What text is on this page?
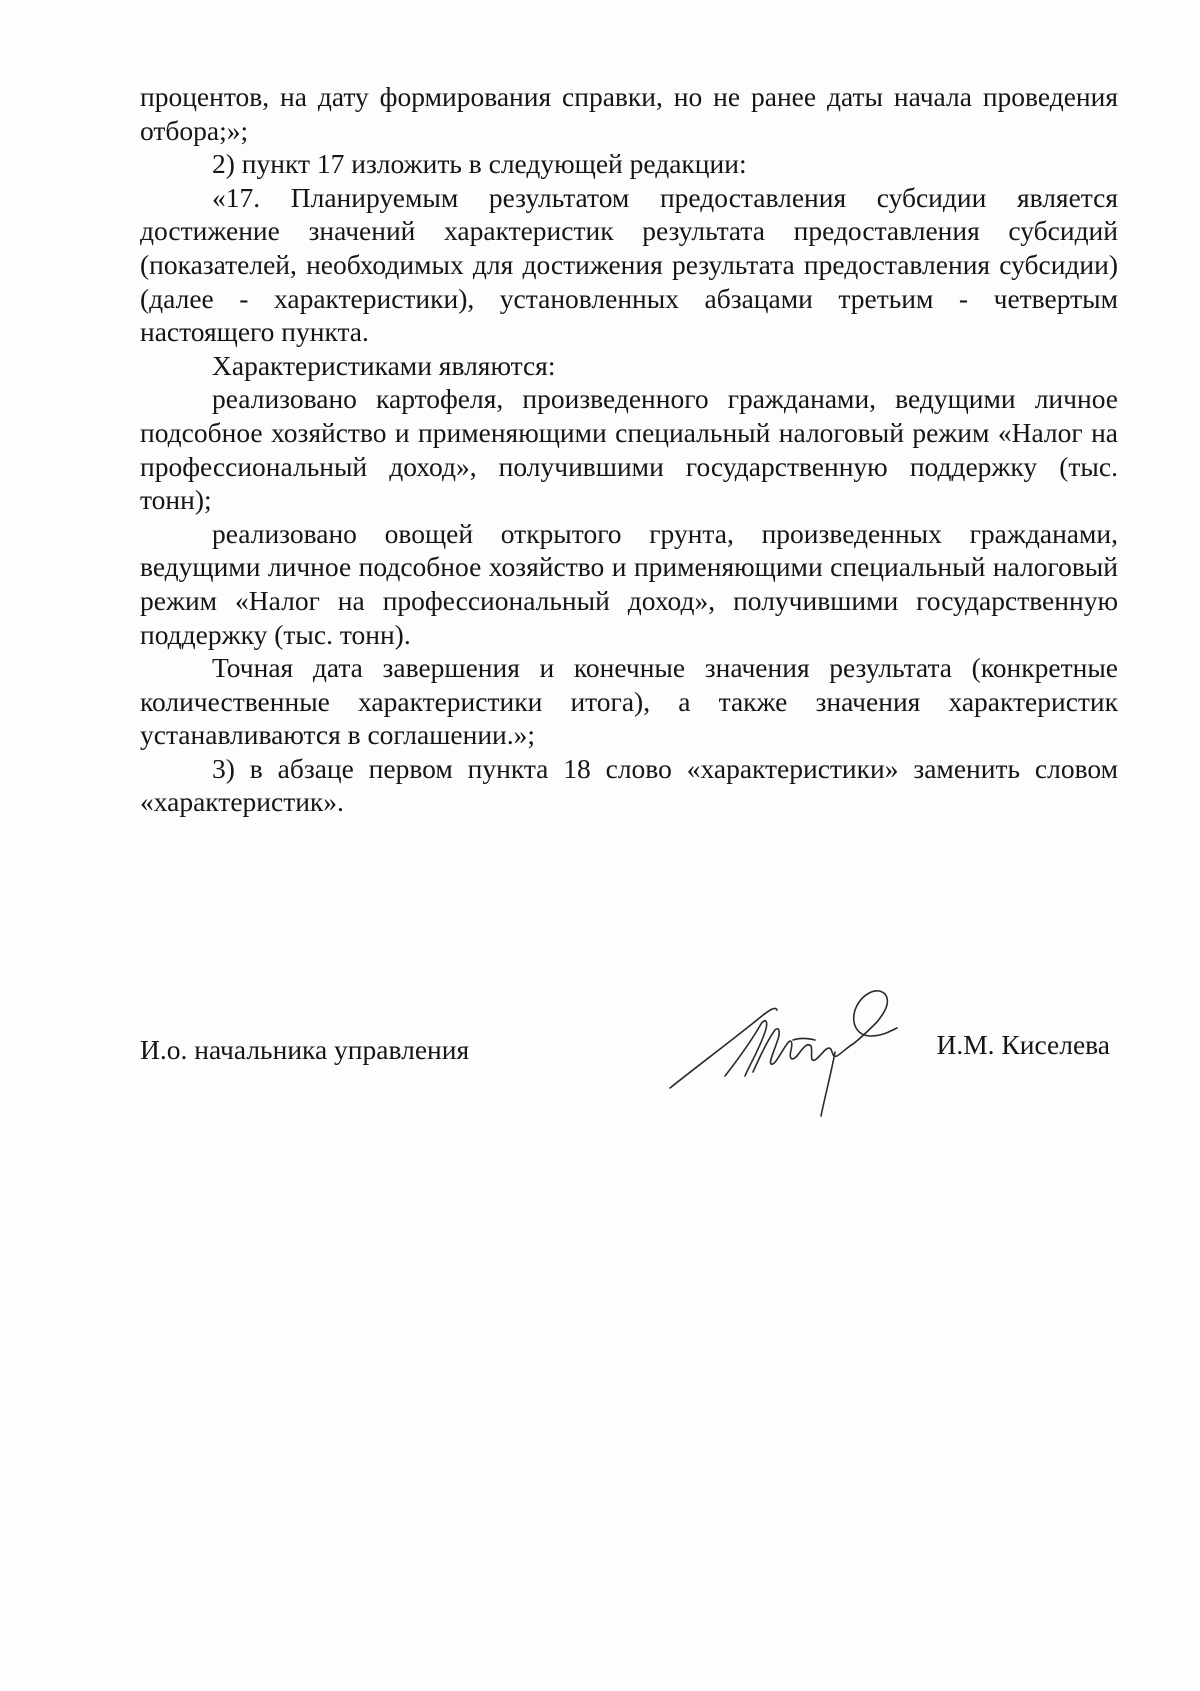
процентов, на дату формирования справки, но не ранее даты начала проведения отбора;»;

2) пункт 17 изложить в следующей редакции:

«17. Планируемым результатом предоставления субсидии является достижение значений характеристик результата предоставления субсидий (показателей, необходимых для достижения результата предоставления субсидии) (далее - характеристики), установленных абзацами третьим - четвертым настоящего пункта.

Характеристиками являются:

реализовано картофеля, произведенного гражданами, ведущими личное подсобное хозяйство и применяющими специальный налоговый режим «Налог на профессиональный доход», получившими государственную поддержку (тыс. тонн);

реализовано овощей открытого грунта, произведенных гражданами, ведущими личное подсобное хозяйство и применяющими специальный налоговый режим «Налог на профессиональный доход», получившими государственную поддержку (тыс. тонн).

Точная дата завершения и конечные значения результата (конкретные количественные характеристики итога), а также значения характеристик устанавливаются в соглашении.»;

3) в абзаце первом пункта 18 слово «характеристики» заменить словом «характеристик».

И.о. начальника управления	И.М. Киселева
